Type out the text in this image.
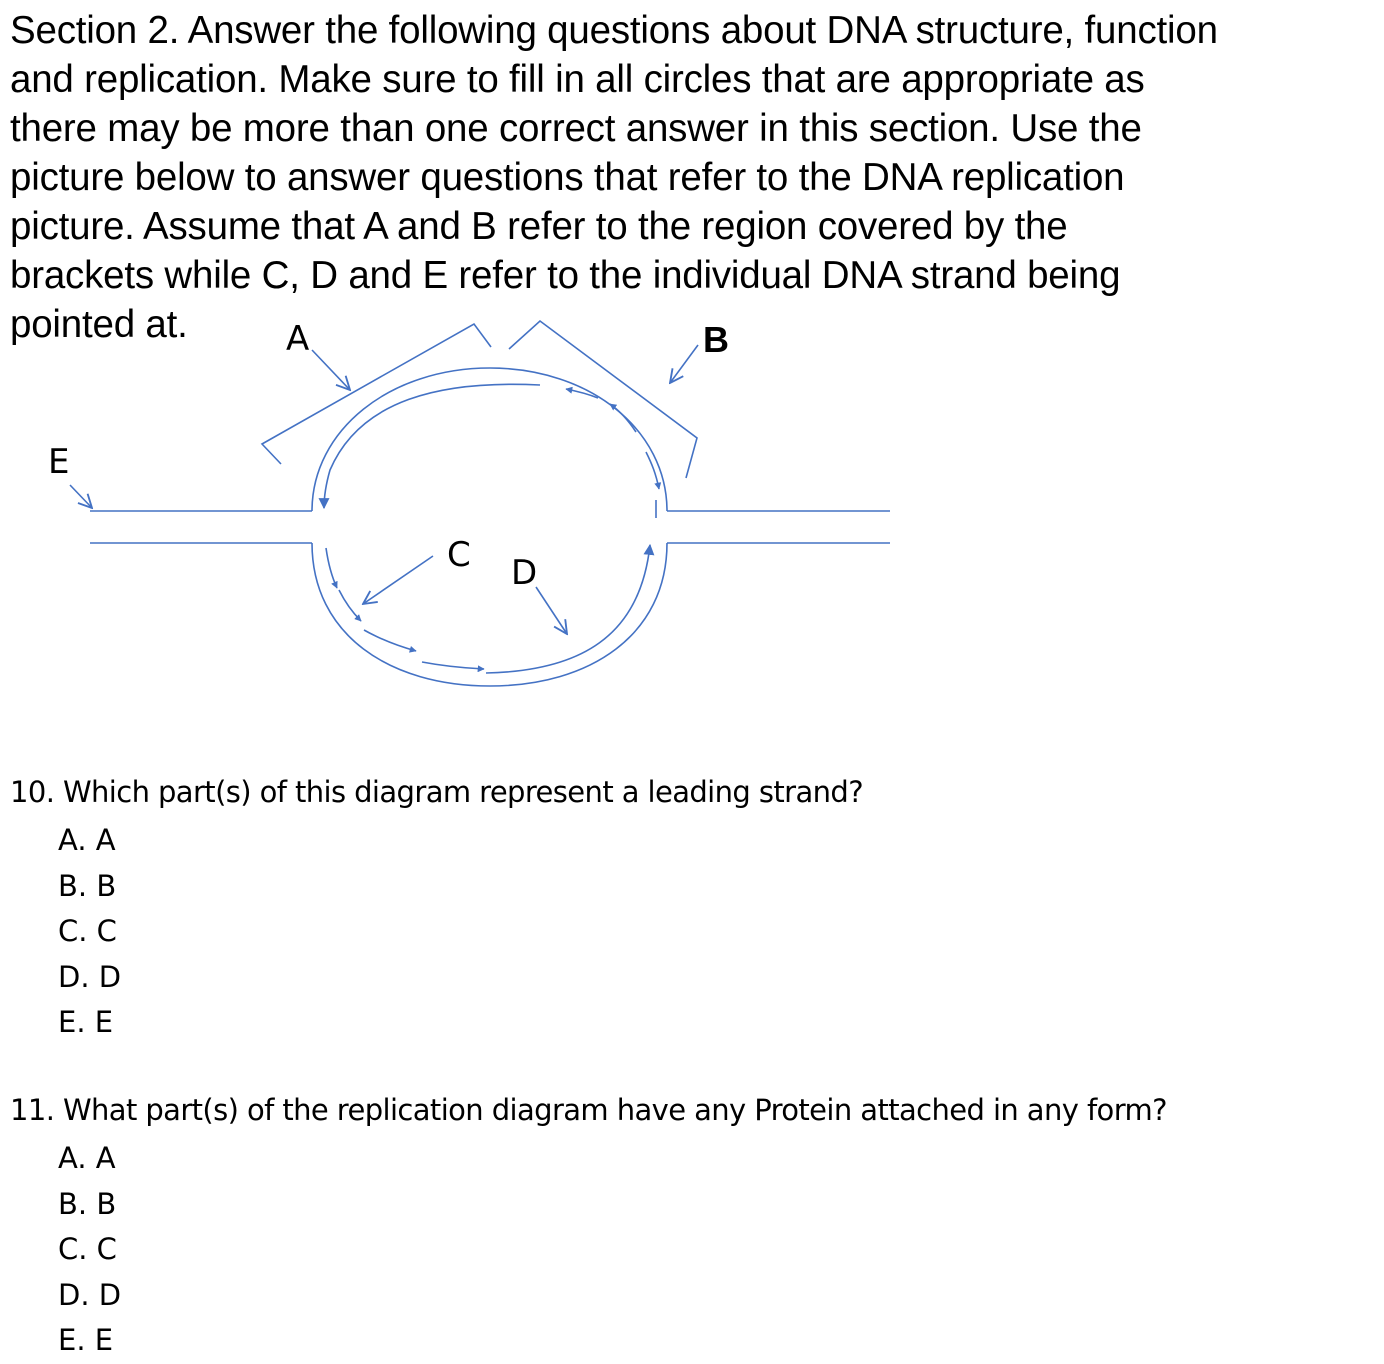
Section 2. Answer the following questions about DNA structure, function
and replication. Make sure to fill in all circles that are appropriate as
there may be more than one correct answer in this section. Use the
picture below to answer questions that refer to the DNA replication
picture. Assume that A and B refer to the region covered by the
brackets while C, D and E refer to the individual DNA strand being
pointed at.	A	B
C D
E
10. Which part(s) of this diagram represent a leading strand?
A. A
B. B
C. C
D. D
E. E
11. What part(s) of the replication diagram have any Protein attached in any form?
A. A
B. B
C. C
D. D
E. E
